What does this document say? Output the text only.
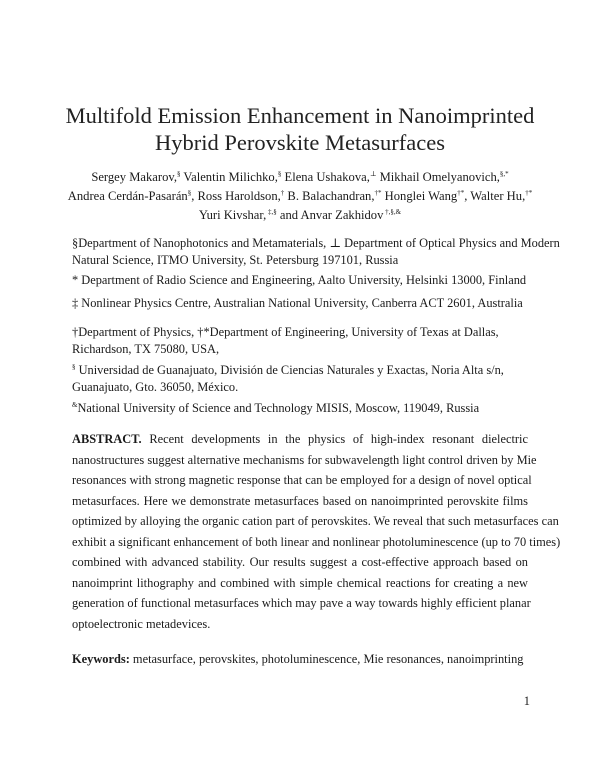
Multifold Emission Enhancement in Nanoimprinted
Hybrid Perovskite Metasurfaces
Sergey Makarov,§ Valentin Milichko,§ Elena Ushakova,⊥ Mikhail Omelyanovich,§,*
Andrea Cerdán-Pasarán§, Ross Haroldson,† B. Balachandran,†* Honglei Wang†*, Walter Hu,†*
Yuri Kivshar, ‡,§ and Anvar Zakhidov †,§,&
§Department of Nanophotonics and Metamaterials, ⊥ Department of Optical Physics and Modern
Natural Science, ITMO University, St. Petersburg 197101, Russia
* Department of Radio Science and Engineering, Aalto University, Helsinki 13000, Finland
‡ Nonlinear Physics Centre, Australian National University, Canberra ACT 2601, Australia
†Department of Physics, †*Department of Engineering, University of Texas at Dallas,
Richardson, TX 75080, USA,
§ Universidad de Guanajuato, División de Ciencias Naturales y Exactas, Noria Alta s/n,
Guanajuato, Gto. 36050, México.
&National University of Science and Technology MISIS, Moscow, 119049, Russia
ABSTRACT. Recent developments in the physics of high-index resonant dielectric
nanostructures suggest alternative mechanisms for subwavelength light control driven by Mie
resonances with strong magnetic response that can be employed for a design of novel optical
metasurfaces. Here we demonstrate metasurfaces based on nanoimprinted perovskite films
optimized by alloying the organic cation part of perovskites. We reveal that such metasurfaces can
exhibit a significant enhancement of both linear and nonlinear photoluminescence (up to 70 times)
combined with advanced stability. Our results suggest a cost-effective approach based on
nanoimprint lithography and combined with simple chemical reactions for creating a new
generation of functional metasurfaces which may pave a way towards highly efficient planar
optoelectronic metadevices.
Keywords: metasurface, perovskites, photoluminescence, Mie resonances, nanoimprinting
1
